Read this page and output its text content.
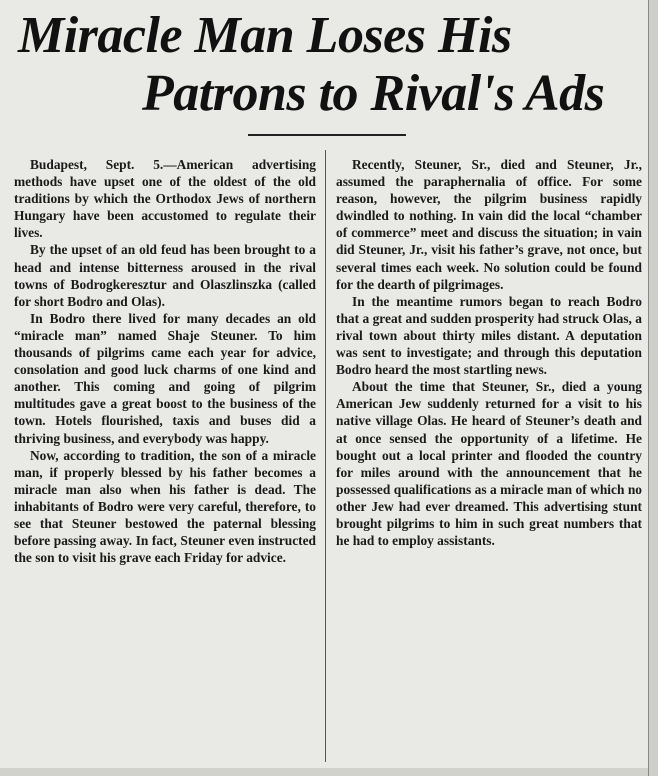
Miracle Man Loses His
Patrons to Rival's Ads

Budapest, Sept. 5.—American advertising methods have upset one of the oldest of the old traditions by which the Orthodox Jews of northern Hungary have been accustomed to regulate their lives.

By the upset of an old feud has been brought to a head and intense bitterness aroused in the rival towns of Bodrogkeresztur and Olaszlinszka (called for short Bodro and Olas).

In Bodro there lived for many decades an old “miracle man” named Shaje Steuner. To him thousands of pilgrims came each year for advice, consolation and good luck charms of one kind and another. This coming and going of pilgrim multitudes gave a great boost to the business of the town. Hotels flourished, taxis and buses did a thriving business, and everybody was happy.

Now, according to tradition, the son of a miracle man, if properly blessed by his father becomes a miracle man also when his father is dead. The inhabitants of Bodro were very careful, therefore, to see that Steuner bestowed the paternal blessing before passing away. In fact, Steuner even instructed the son to visit his grave each Friday for advice.

Recently, Steuner, Sr., died and Steuner, Jr., assumed the paraphernalia of office. For some reason, however, the pilgrim business rapidly dwindled to nothing. In vain did the local “chamber of commerce” meet and discuss the situation; in vain did Steuner, Jr., visit his father’s grave, not once, but several times each week. No solution could be found for the dearth of pilgrimages.

In the meantime rumors began to reach Bodro that a great and sudden prosperity had struck Olas, a rival town about thirty miles distant. A deputation was sent to investigate; and through this deputation Bodro heard the most startling news.

About the time that Steuner, Sr., died a young American Jew suddenly returned for a visit to his native village Olas. He heard of Steuner’s death and at once sensed the opportunity of a lifetime. He bought out a local printer and flooded the country for miles around with the announcement that he possessed qualifications as a miracle man of which no other Jew had ever dreamed. This advertising stunt brought pilgrims to him in such great numbers that he had to employ assistants.
